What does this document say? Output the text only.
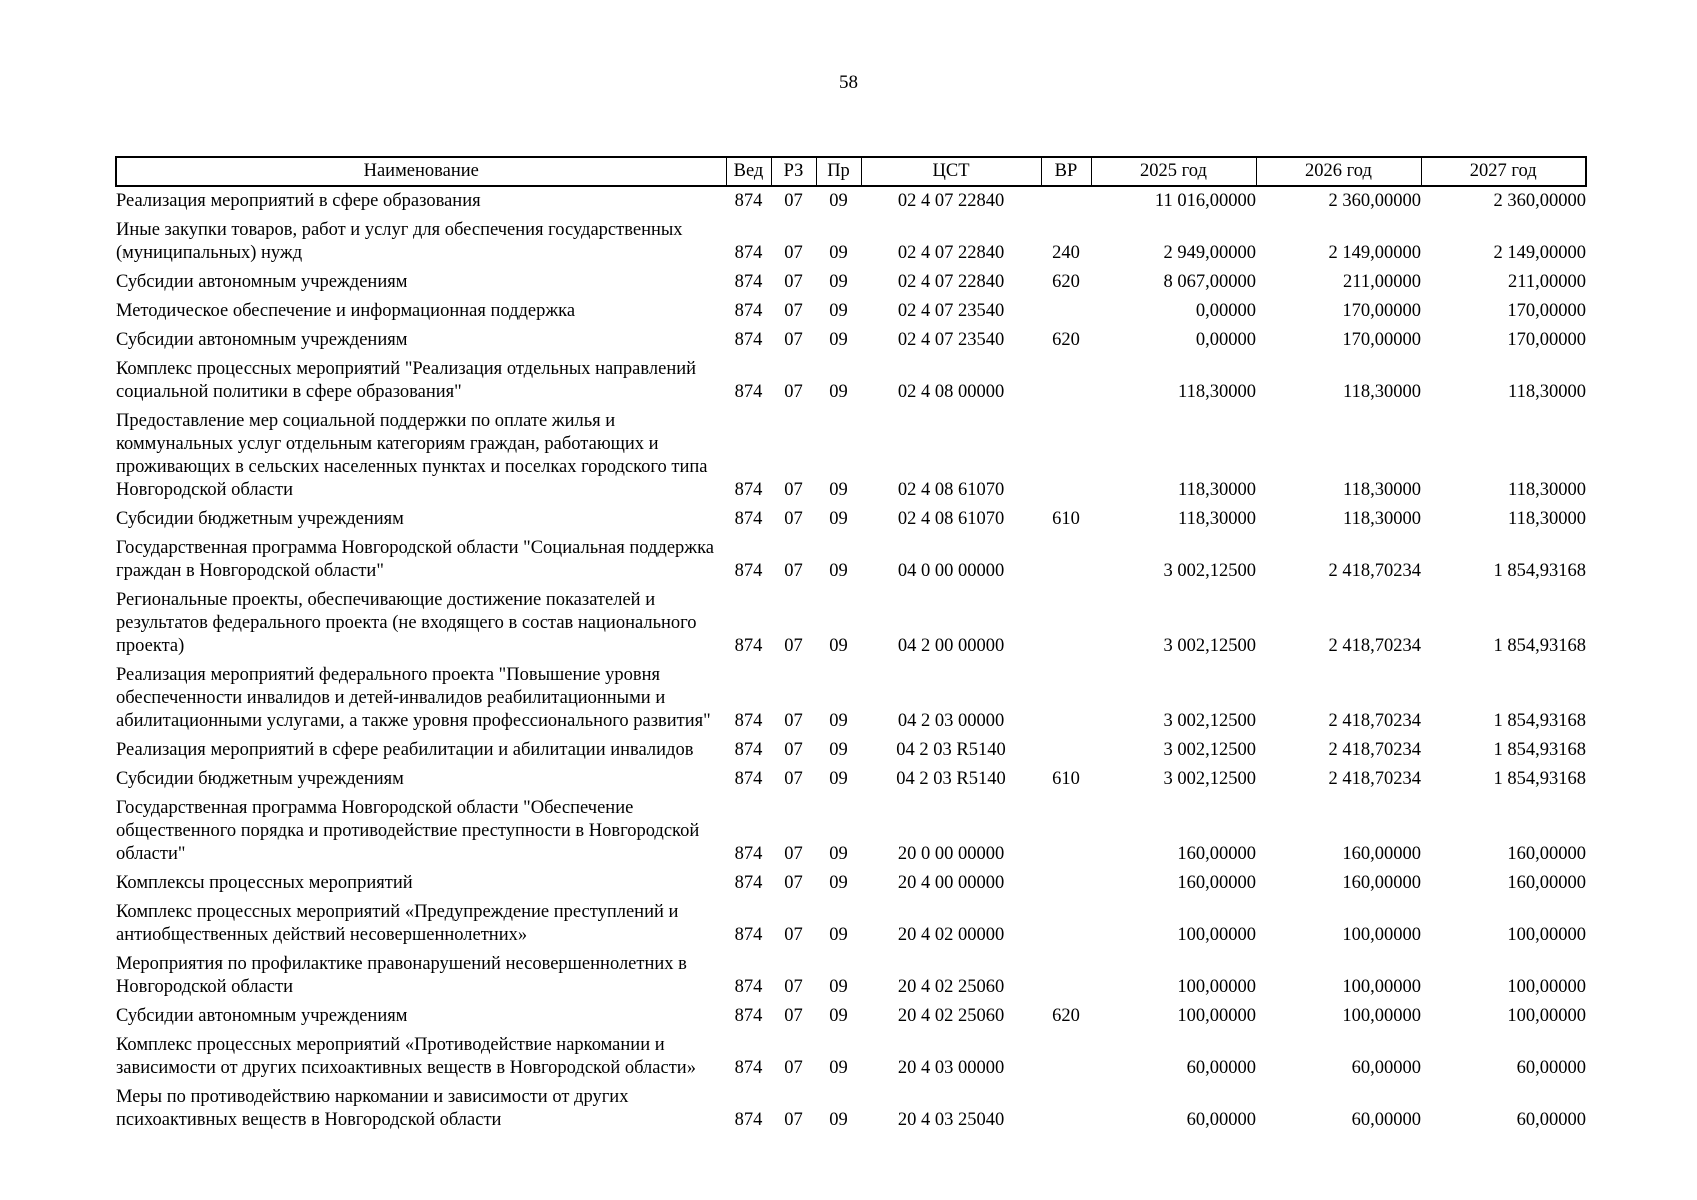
58
Наименование	Вед	РЗ	Пр	ЦСТ	ВР	2025 год	2026 год	2027 год
Реализация мероприятий в сфере образования	874	07	09	02 4 07 22840		11 016,00000	2 360,00000	2 360,00000
Иные закупки товаров, работ и услуг для обеспечения государственных (муниципальных) нужд	874	07	09	02 4 07 22840	240	2 949,00000	2 149,00000	2 149,00000
Субсидии автономным учреждениям	874	07	09	02 4 07 22840	620	8 067,00000	211,00000	211,00000
Методическое обеспечение и информационная поддержка	874	07	09	02 4 07 23540		0,00000	170,00000	170,00000
Субсидии автономным учреждениям	874	07	09	02 4 07 23540	620	0,00000	170,00000	170,00000
Комплекс процессных мероприятий "Реализация отдельных направлений социальной политики в сфере образования"	874	07	09	02 4 08 00000		118,30000	118,30000	118,30000
Предоставление мер социальной поддержки по оплате жилья и коммунальных услуг отдельным категориям граждан, работающих и проживающих в сельских населенных пунктах и поселках городского типа Новгородской области	874	07	09	02 4 08 61070		118,30000	118,30000	118,30000
Субсидии бюджетным учреждениям	874	07	09	02 4 08 61070	610	118,30000	118,30000	118,30000
Государственная программа Новгородской области "Социальная поддержка граждан в Новгородской области"	874	07	09	04 0 00 00000		3 002,12500	2 418,70234	1 854,93168
Региональные проекты, обеспечивающие достижение показателей и результатов федерального проекта (не входящего в состав национального проекта)	874	07	09	04 2 00 00000		3 002,12500	2 418,70234	1 854,93168
Реализация мероприятий федерального проекта "Повышение уровня обеспеченности инвалидов и детей-инвалидов реабилитационными и абилитационными услугами, а также уровня профессионального развития"	874	07	09	04 2 03 00000		3 002,12500	2 418,70234	1 854,93168
Реализация мероприятий в сфере реабилитации и абилитации инвалидов	874	07	09	04 2 03 R5140		3 002,12500	2 418,70234	1 854,93168
Субсидии бюджетным учреждениям	874	07	09	04 2 03 R5140	610	3 002,12500	2 418,70234	1 854,93168
Государственная программа Новгородской области "Обеспечение общественного порядка и противодействие преступности в Новгородской области"	874	07	09	20 0 00 00000		160,00000	160,00000	160,00000
Комплексы процессных мероприятий	874	07	09	20 4 00 00000		160,00000	160,00000	160,00000
Комплекс процессных мероприятий «Предупреждение преступлений и антиобщественных действий несовершеннолетних»	874	07	09	20 4 02 00000		100,00000	100,00000	100,00000
Мероприятия по профилактике правонарушений несовершеннолетних в Новгородской области	874	07	09	20 4 02 25060		100,00000	100,00000	100,00000
Субсидии автономным учреждениям	874	07	09	20 4 02 25060	620	100,00000	100,00000	100,00000
Комплекс процессных мероприятий «Противодействие наркомании и зависимости от других психоактивных веществ в Новгородской области»	874	07	09	20 4 03 00000		60,00000	60,00000	60,00000
Меры по противодействию наркомании и зависимости от других психоактивных веществ в Новгородской области	874	07	09	20 4 03 25040		60,00000	60,00000	60,00000
